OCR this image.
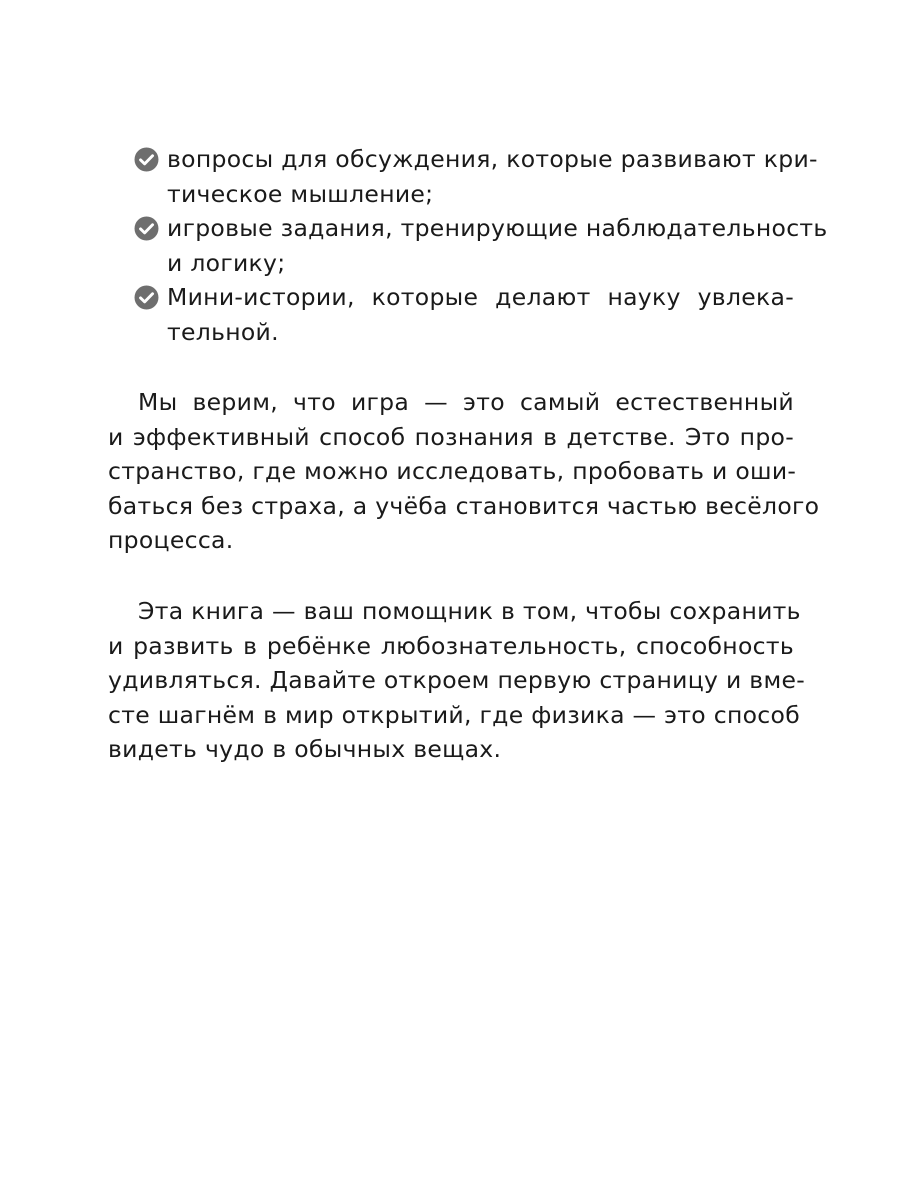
вопросы для обсуждения, которые развивают кри-
тическое мышление;
игровые задания, тренирующие наблюдательность
и логику;
Мини-истории, которые делают науку увлека-
тельной.
Мы верим, что игра — это самый естественный
и эффективный способ познания в детстве. Это про-
странство, где можно исследовать, пробовать и оши-
баться без страха, а учёба становится частью весёлого
процесса.
Эта книга — ваш помощник в том, чтобы сохранить
и развить в ребёнке любознательность, способность
удивляться. Давайте откроем первую страницу и вме-
сте шагнём в мир открытий, где физика — это способ
видеть чудо в обычных вещах.
